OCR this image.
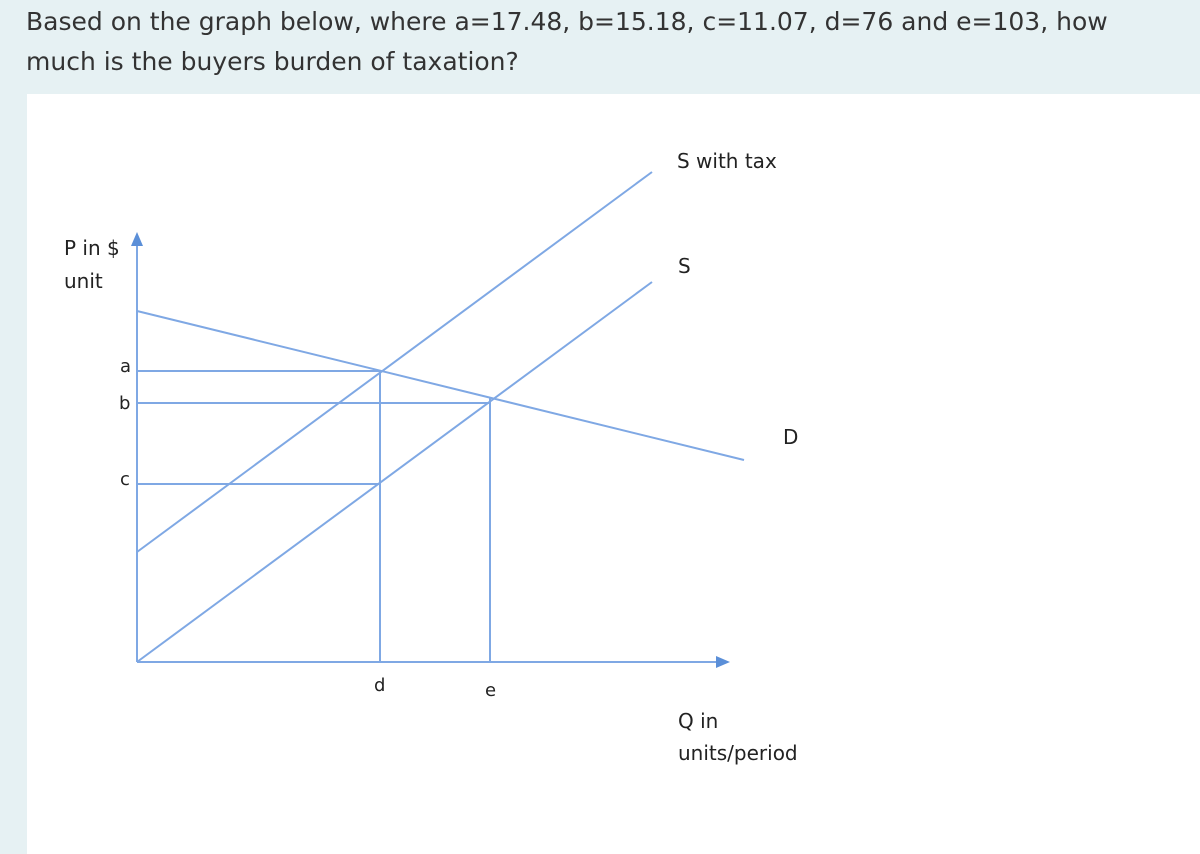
Based on the graph below, where a=17.48, b=15.18, c=11.07, d=76 and e=103, how much is the buyers burden of taxation?
P in $
unit
S with tax
S
D
a
b
c
d	e
Q in
units/period
